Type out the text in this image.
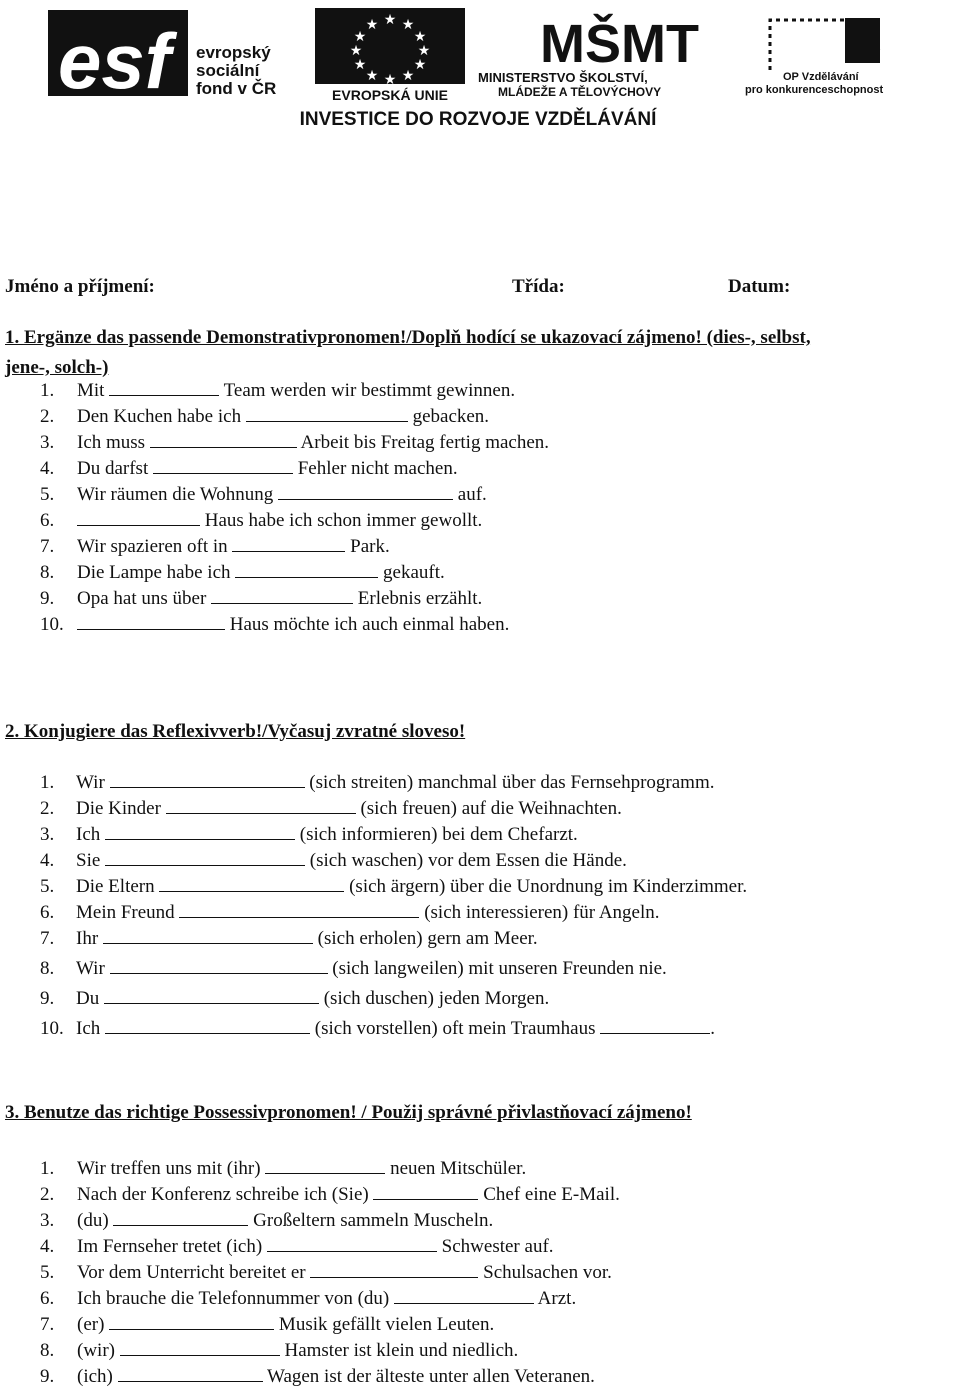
esf	evropský
sociální
fond v ČR
★ ★
★
★
★
★
★
★
★
★
★
★
EVROPSKÁ UNIE
MŠMT
MINISTERSTVO ŠKOLSTVÍ,
MLÁDEŽE A TĚLOVÝCHOVY
OP Vzdělávání
pro konkurenceschopnost
INVESTICE DO ROZVOJE VZDĚLÁVÁNÍ
Jméno a příjmení:	Třída:	Datum:
1. Ergänze das passende Demonstrativpronomen!/Doplň hodící se ukazovací zájmeno! (dies-, selbst,
jene-, solch-)
1. Mit	Team werden wir bestimmt gewinnen.
2. Den Kuchen habe ich	gebacken.
3. Ich muss	Arbeit bis Freitag fertig machen.
4. Du darfst	Fehler nicht machen.
5. Wir räumen die Wohnung	auf.
6.	Haus habe ich schon immer gewollt.
7. Wir spazieren oft in	Park.
8. Die Lampe habe ich	gekauft.
9. Opa hat uns über	Erlebnis erzählt.
10.	Haus möchte ich auch einmal haben.
2. Konjugiere das Reflexivverb!/Vyčasuj zvratné sloveso!
1. Wir	(sich streiten) manchmal über das Fernsehprogramm.
2. Die Kinder	(sich freuen) auf die Weihnachten.
3. Ich	(sich informieren) bei dem Chefarzt.
4. Sie	(sich waschen) vor dem Essen die Hände.
5. Die Eltern	(sich ärgern) über die Unordnung im Kinderzimmer.
6. Mein Freund	(sich interessieren) für Angeln.
7. Ihr	(sich erholen) gern am Meer.
8. Wir	(sich langweilen) mit unseren Freunden nie.
9. Du	(sich duschen) jeden Morgen.
10. Ich	(sich vorstellen) oft mein Traumhaus	.
3. Benutze das richtige Possessivpronomen! / Použij správné přivlastňovací zájmeno!
1. Wir treffen uns mit (ihr)	neuen Mitschüler.
2. Nach der Konferenz schreibe ich (Sie)	Chef eine E-Mail.
3. (du)	Großeltern sammeln Muscheln.
4. Im Fernseher tretet (ich)	Schwester auf.
5. Vor dem Unterricht bereitet er	Schulsachen vor.
6. Ich brauche die Telefonnummer von (du)	Arzt.
7. (er)	Musik gefällt vielen Leuten.
8. (wir)	Hamster ist klein und niedlich.
9. (ich)	Wagen ist der älteste unter allen Veteranen.
